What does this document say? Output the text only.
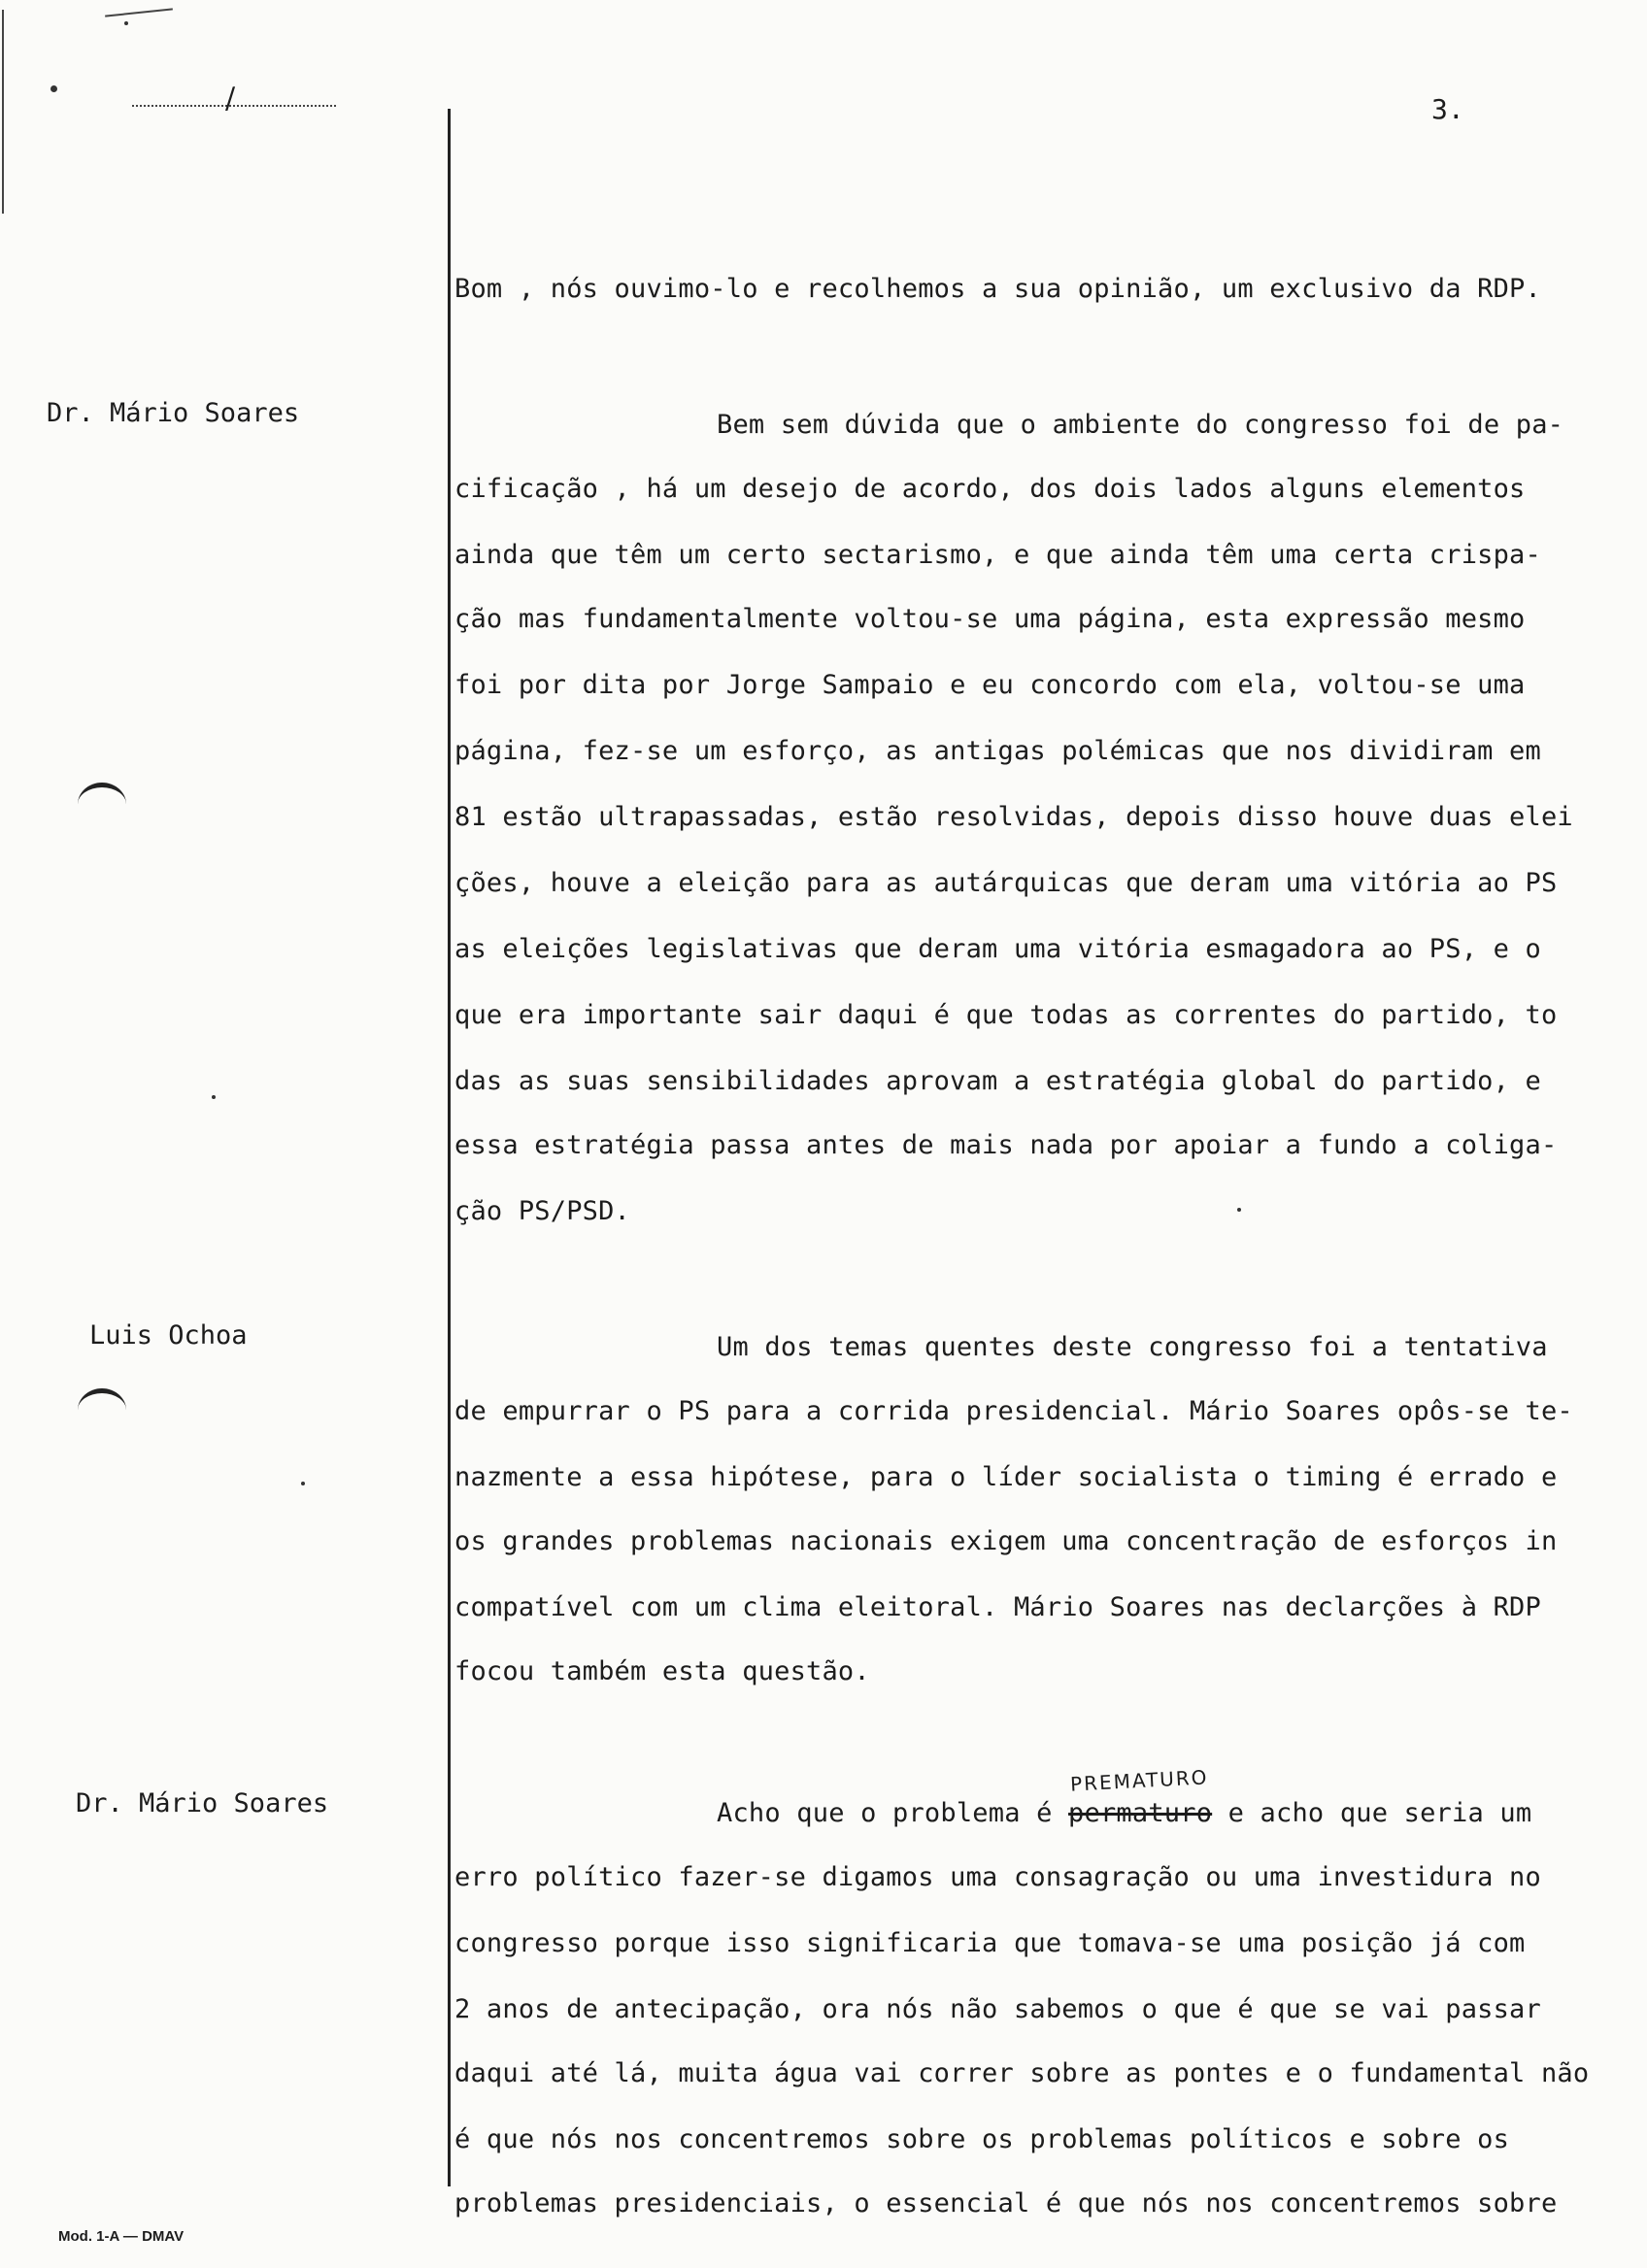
/	3.
Dr. Mário Soares
Luis Ochoa
Dr. Mário Soares
Bom , nós ouvimo-lo e recolhemos a sua opinião, um exclusivo da RDP.
Bem sem dúvida que o ambiente do congresso foi de pa-
cificação , há um desejo de acordo, dos dois lados alguns elementos
ainda que têm um certo sectarismo, e que ainda têm uma certa crispa-
ção mas fundamentalmente voltou-se uma página, esta expressão mesmo
foi por dita por Jorge Sampaio e eu concordo com ela, voltou-se uma
página, fez-se um esforço, as antigas polémicas que nos dividiram em
81 estão ultrapassadas, estão resolvidas, depois disso houve duas elei
ções, houve a eleição para as autárquicas que deram uma vitória ao PS
as eleições legislativas que deram uma vitória esmagadora ao PS, e o
que era importante sair daqui é que todas as correntes do partido, to
das as suas sensibilidades aprovam a estratégia global do partido, e
essa estratégia passa antes de mais nada por apoiar a fundo a coliga-
ção PS/PSD.
Um dos temas quentes deste congresso foi a tentativa
de empurrar o PS para a corrida presidencial. Mário Soares opôs-se te-
nazmente a essa hipótese, para o líder socialista o timing é errado e
os grandes problemas nacionais exigem uma concentração de esforços in
compatível com um clima eleitoral. Mário Soares nas declarções à RDP
focou também esta questão.
PREMATURO
Acho que o problema é permaturo e acho que seria um
erro político fazer-se digamos uma consagração ou uma investidura no
congresso porque isso significaria que tomava-se uma posição já com
2 anos de antecipação, ora nós não sabemos o que é que se vai passar
daqui até lá, muita água vai correr sobre as pontes e o fundamental não
é que nós nos concentremos sobre os problemas políticos e sobre os
problemas presidenciais, o essencial é que nós nos concentremos sobre
Mod. 1-A — DMAV
